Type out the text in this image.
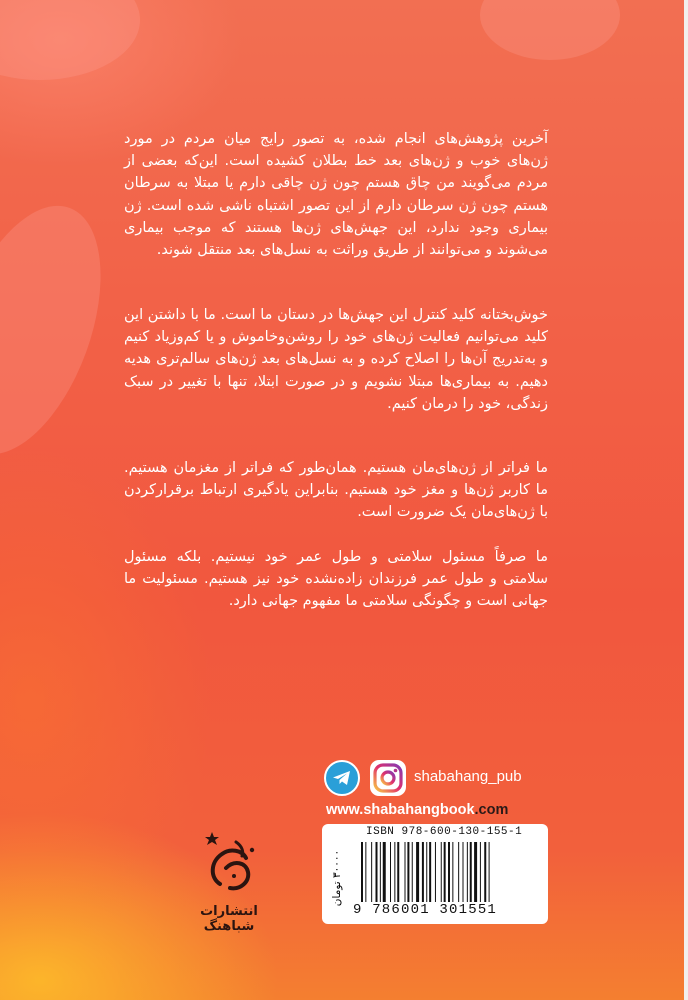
آخرین پژوهش‌های انجام شده، به تصور رایج میان مردم در مورد ژن‌های خوب و ژن‌های بعد خط بطلان کشیده است. این‌که بعضی از مردم می‌گویند من چاق هستم چون ژن چاقی دارم یا مبتلا به سرطان هستم چون ژن سرطان دارم از این تصور اشتباه ناشی شده است. ژن بیماری وجود ندارد، این جهش‌های ژن‌ها هستند که موجب بیماری می‌شوند و می‌توانند از طریق وراثت به نسل‌های بعد منتقل شوند.
خوش‌بختانه کلید کنترل این جهش‌ها در دستان ما است. ما با داشتن این کلید می‌توانیم فعالیت ژن‌های خود را روشن‌وخاموش و یا کم‌وزیاد کنیم و به‌تدریج آن‌ها را اصلاح کرده و به نسل‌های بعد ژن‌های سالم‌تری هدیه دهیم. به بیماری‌ها مبتلا نشویم و در صورت ابتلا، تنها با تغییر در سبک زندگی، خود را درمان کنیم.
ما فراتر از ژن‌های‌مان هستیم. همان‌طور که فراتر از مغزمان هستیم. ما کاربر ژن‌ها و مغز خود هستیم. بنابراین یادگیری ارتباط برقرارکردن با ژن‌های‌مان یک ضرورت است.
ما صرفاً مسئول سلامتی و طول عمر خود نیستیم. بلکه مسئول سلامتی و طول عمر فرزندان زاده‌نشده خود نیز هستیم. مسئولیت ما جهانی است و چگونگی سلامتی ما مفهوم جهانی دارد.
shabahang_pub
www.shabahangbook.com
انتشارات شباهنگ
۳۰۰۰۰ تومان
ISBN 978-600-130-155-1
9 786001 301551
